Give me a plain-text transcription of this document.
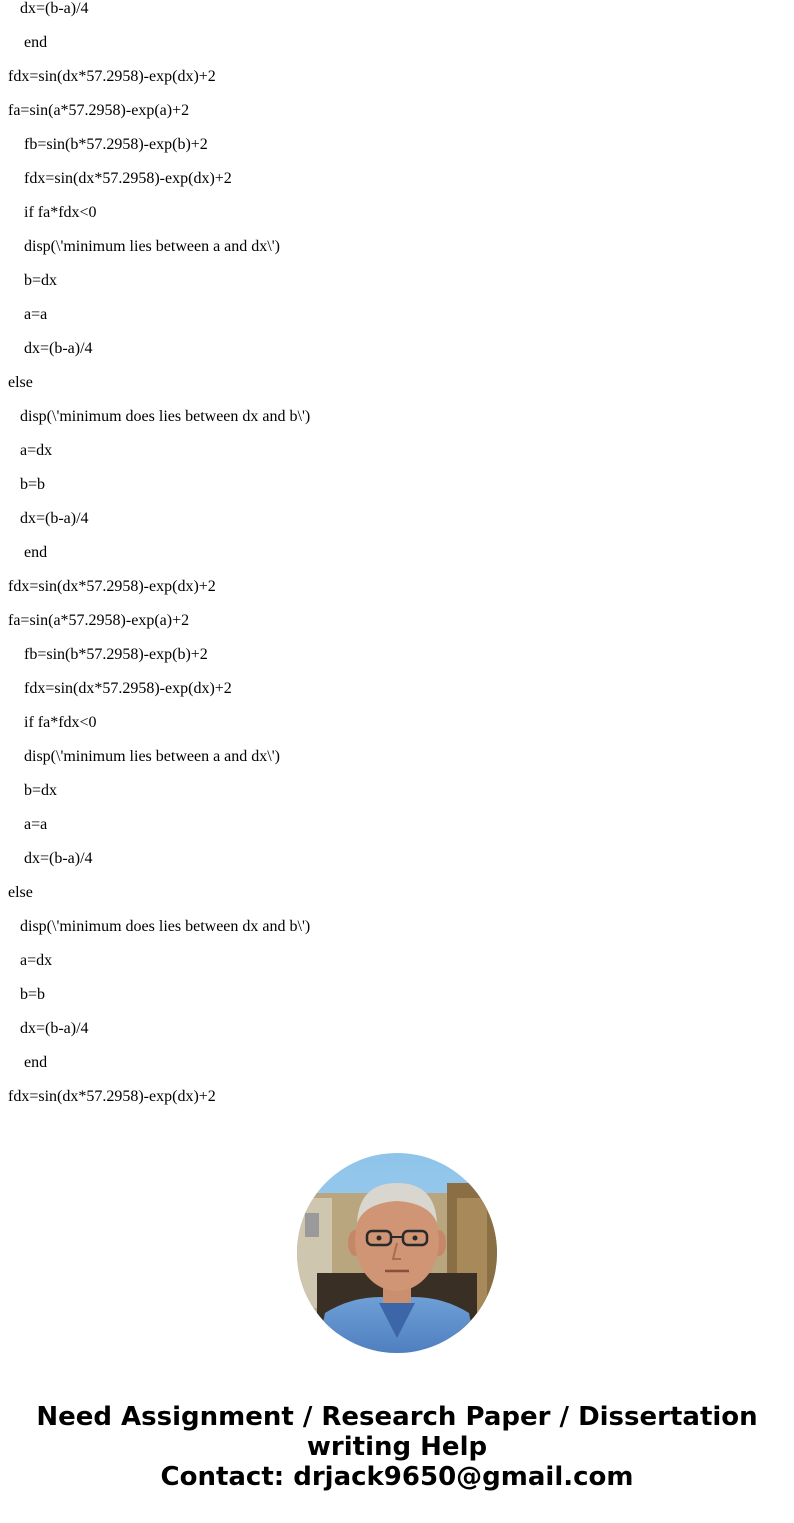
dx=(b-a)/4
end
fdx=sin(dx*57.2958)-exp(dx)+2
fa=sin(a*57.2958)-exp(a)+2
fb=sin(b*57.2958)-exp(b)+2
fdx=sin(dx*57.2958)-exp(dx)+2
if fa*fdx<0
disp(\'minimum lies between a and dx\')
b=dx
a=a
dx=(b-a)/4
else
disp(\'minimum does lies between dx and b\')
a=dx
b=b
dx=(b-a)/4
end
fdx=sin(dx*57.2958)-exp(dx)+2
fa=sin(a*57.2958)-exp(a)+2
fb=sin(b*57.2958)-exp(b)+2
fdx=sin(dx*57.2958)-exp(dx)+2
if fa*fdx<0
disp(\'minimum lies between a and dx\')
b=dx
a=a
dx=(b-a)/4
else
disp(\'minimum does lies between dx and b\')
a=dx
b=b
dx=(b-a)/4
end
fdx=sin(dx*57.2958)-exp(dx)+2
Need Assignment / Research Paper / Dissertation
writing Help
Contact: drjack9650@gmail.com
